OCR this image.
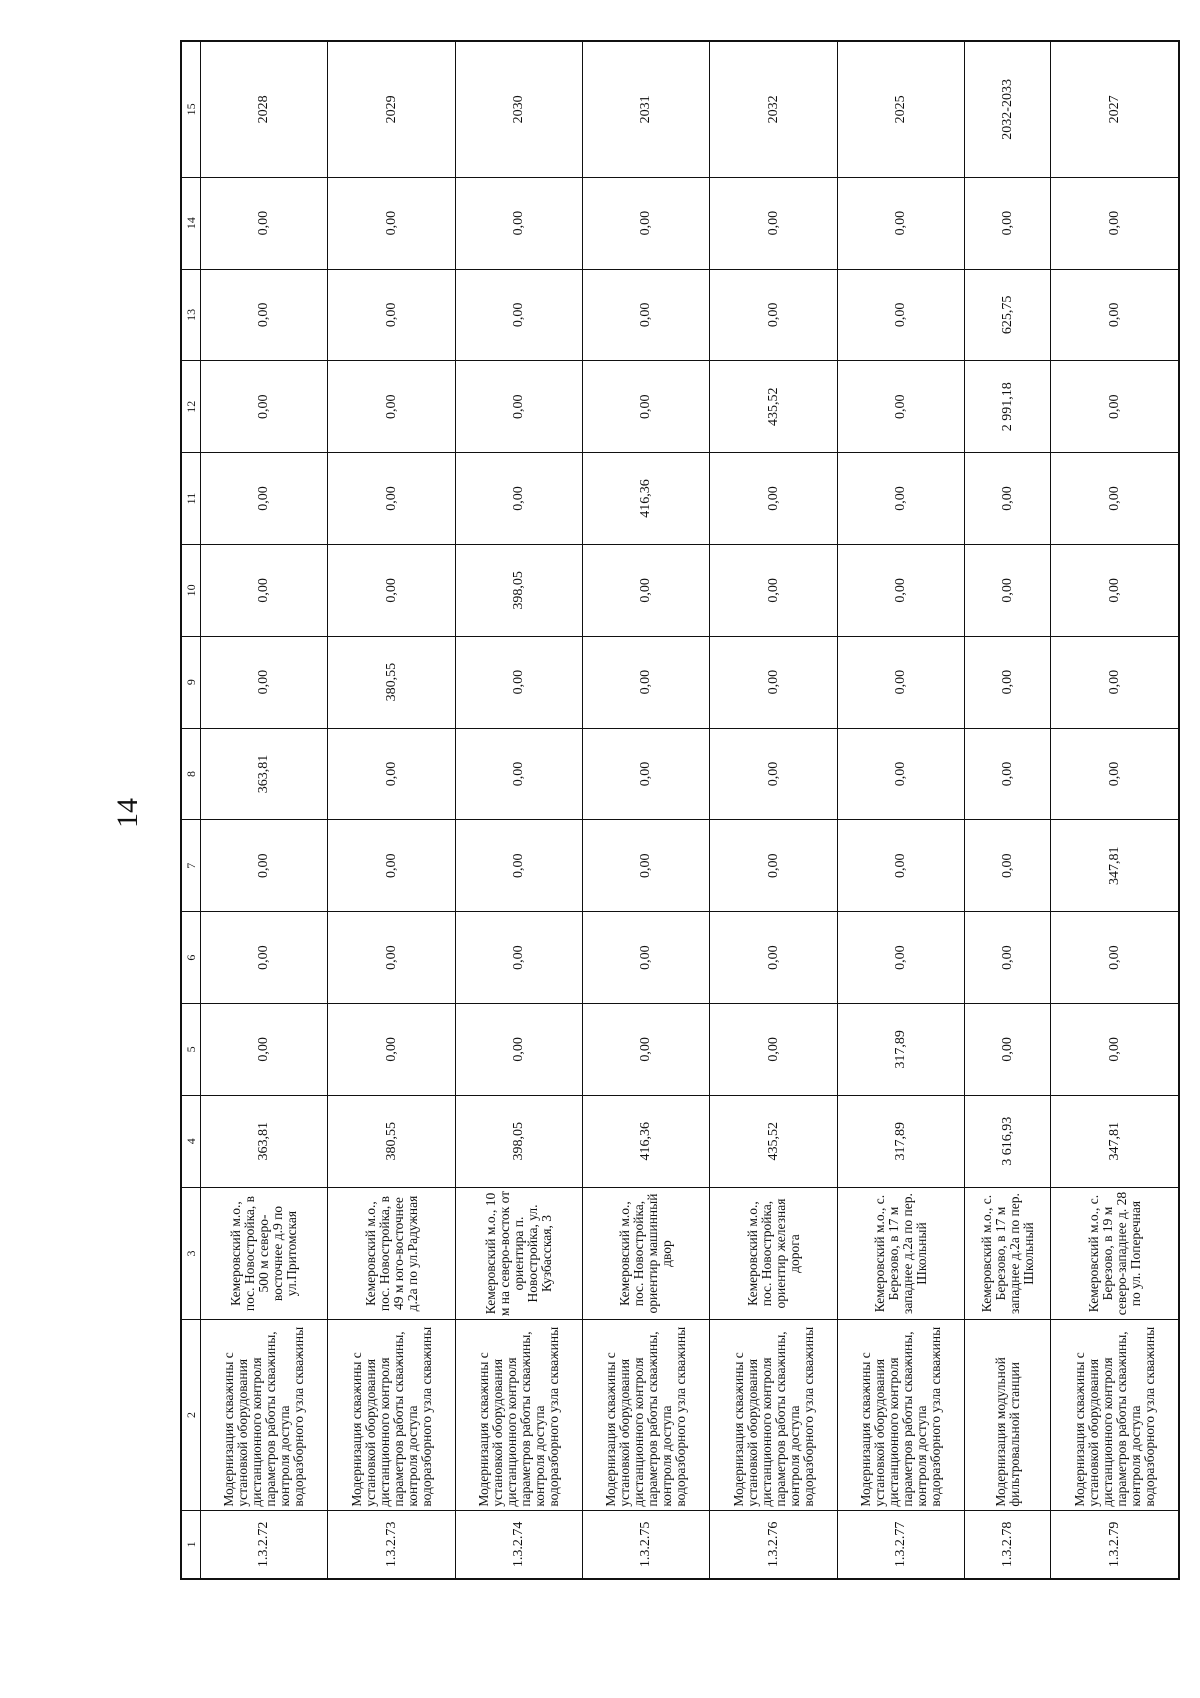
14
1	2	3	4	5	6	7	8	9	10	11	12	13	14	15
1.3.2.72	Модернизация скважины с установкой оборудования дистанционного контроля параметров работы скважины, контроля доступа водоразборного узла скважины	Кемеровский м.о., пос. Новостройка, в 500 м северо-восточнее д.9 по ул.Притомская	363,81	0,00	0,00	0,00	363,81	0,00	0,00	0,00	0,00	0,00	0,00	2028
1.3.2.73	Модернизация скважины с установкой оборудования дистанционного контроля параметров работы скважины, контроля доступа водоразборного узла скважины	Кемеровский м.о., пос. Новостройка, в 49 м юго-восточнее д.2а по ул.Радужная	380,55	0,00	0,00	0,00	0,00	380,55	0,00	0,00	0,00	0,00	0,00	2029
1.3.2.74	Модернизация скважины с установкой оборудования дистанционного контроля параметров работы скважины, контроля доступа водоразборного узла скважины	Кемеровский м.о., 10 м на северо-восток от ориентира п. Новостройка, ул. Кузбасская, 3	398,05	0,00	0,00	0,00	0,00	0,00	398,05	0,00	0,00	0,00	0,00	2030
1.3.2.75	Модернизация скважины с установкой оборудования дистанционного контроля параметров работы скважины, контроля доступа водоразборного узла скважины	Кемеровский м.о., пос. Новостройка, ориентир машинный двор	416,36	0,00	0,00	0,00	0,00	0,00	0,00	416,36	0,00	0,00	0,00	2031
1.3.2.76	Модернизация скважины с установкой оборудования дистанционного контроля параметров работы скважины, контроля доступа водоразборного узла скважины	Кемеровский м.о., пос. Новостройка, ориентир железная дорога	435,52	0,00	0,00	0,00	0,00	0,00	0,00	0,00	435,52	0,00	0,00	2032
1.3.2.77	Модернизация скважины с установкой оборудования дистанционного контроля параметров работы скважины, контроля доступа водоразборного узла скважины	Кемеровский м.о., с. Березово, в 17 м западнее д.2а по пер. Школьный	317,89	317,89	0,00	0,00	0,00	0,00	0,00	0,00	0,00	0,00	0,00	2025
1.3.2.78	Модернизация модульной фильтровальной станции	Кемеровский м.о., с. Березово, в 17 м западнее д.2а по пер. Школьный	3 616,93	0,00	0,00	0,00	0,00	0,00	0,00	0,00	2 991,18	625,75	0,00	2032-2033
1.3.2.79	Модернизация скважины с установкой оборудования дистанционного контроля параметров работы скважины, контроля доступа водоразборного узла скважины	Кемеровский м.о., с. Березово, в 19 м северо-западнее д. 28 по ул. Поперечная	347,81	0,00	0,00	347,81	0,00	0,00	0,00	0,00	0,00	0,00	0,00	2027
